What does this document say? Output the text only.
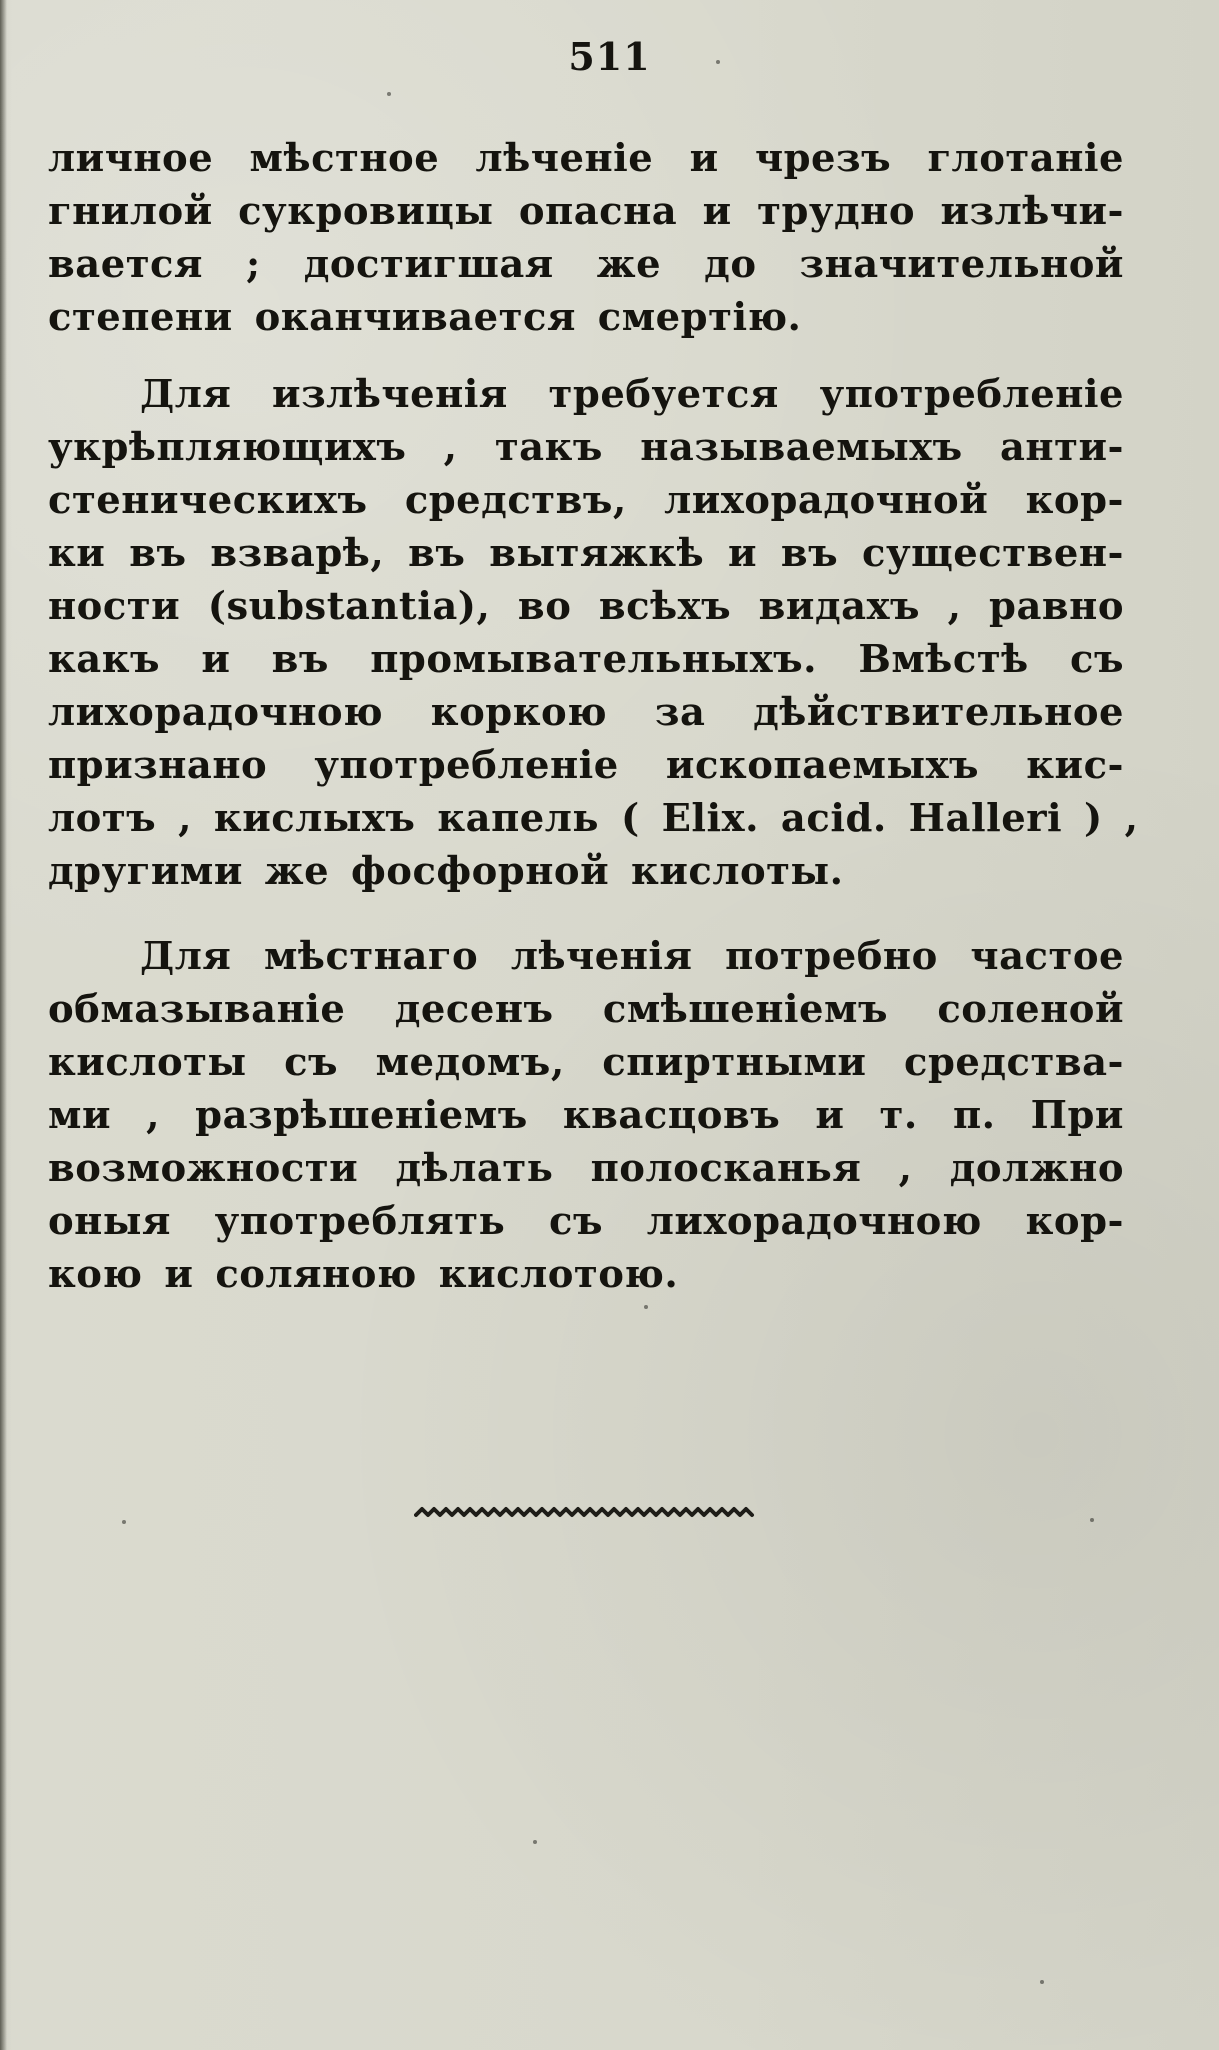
511
личное мѣстное лѣченіе и чрезъ глотаніе
гнилой сукровицы опасна и трудно излѣчи-
вается ; достигшая же до значительной
степени оканчивается смертію.
Для излѣченія требуется употребленіе
укрѣпляющихъ , такъ называемыхъ анти-
стеническихъ средствъ, лихорадочной кор-
ки въ взварѣ, въ вытяжкѣ и въ существен-
ности (substantia), во всѣхъ видахъ , равно
какъ и въ промывательныхъ. Вмѣстѣ съ
лихорадочною коркою за дѣйствительное
признано употребленіе ископаемыхъ кис-
лотъ , кислыхъ капель ( Elix. acid. Halleri ) ,
другими же фосфорной кислоты.
Для мѣстнаго лѣченія потребно частое
обмазываніе десенъ смѣшеніемъ соленой
кислоты съ медомъ, спиртными средства-
ми , разрѣшеніемъ квасцовъ и т. п. При
возможности дѣлать полосканья , должно
оныя употреблять съ лихорадочною кор-
кою и соляною кислотою.
